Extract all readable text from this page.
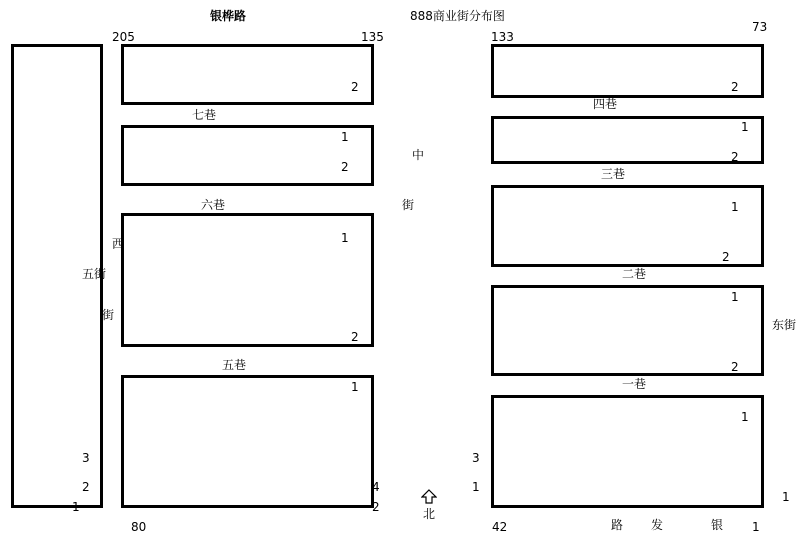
银桦路	888商业街分布图
205	135	133
73
80	42
七巷
六巷
五巷
四巷
三巷
二巷
一巷
中
街
西
五街
街
东街
路 发	银
北
2
1
2
1
2
1
4
2
3
2
1
2
1
2
1
2
1
2
1
3
1
1
1
